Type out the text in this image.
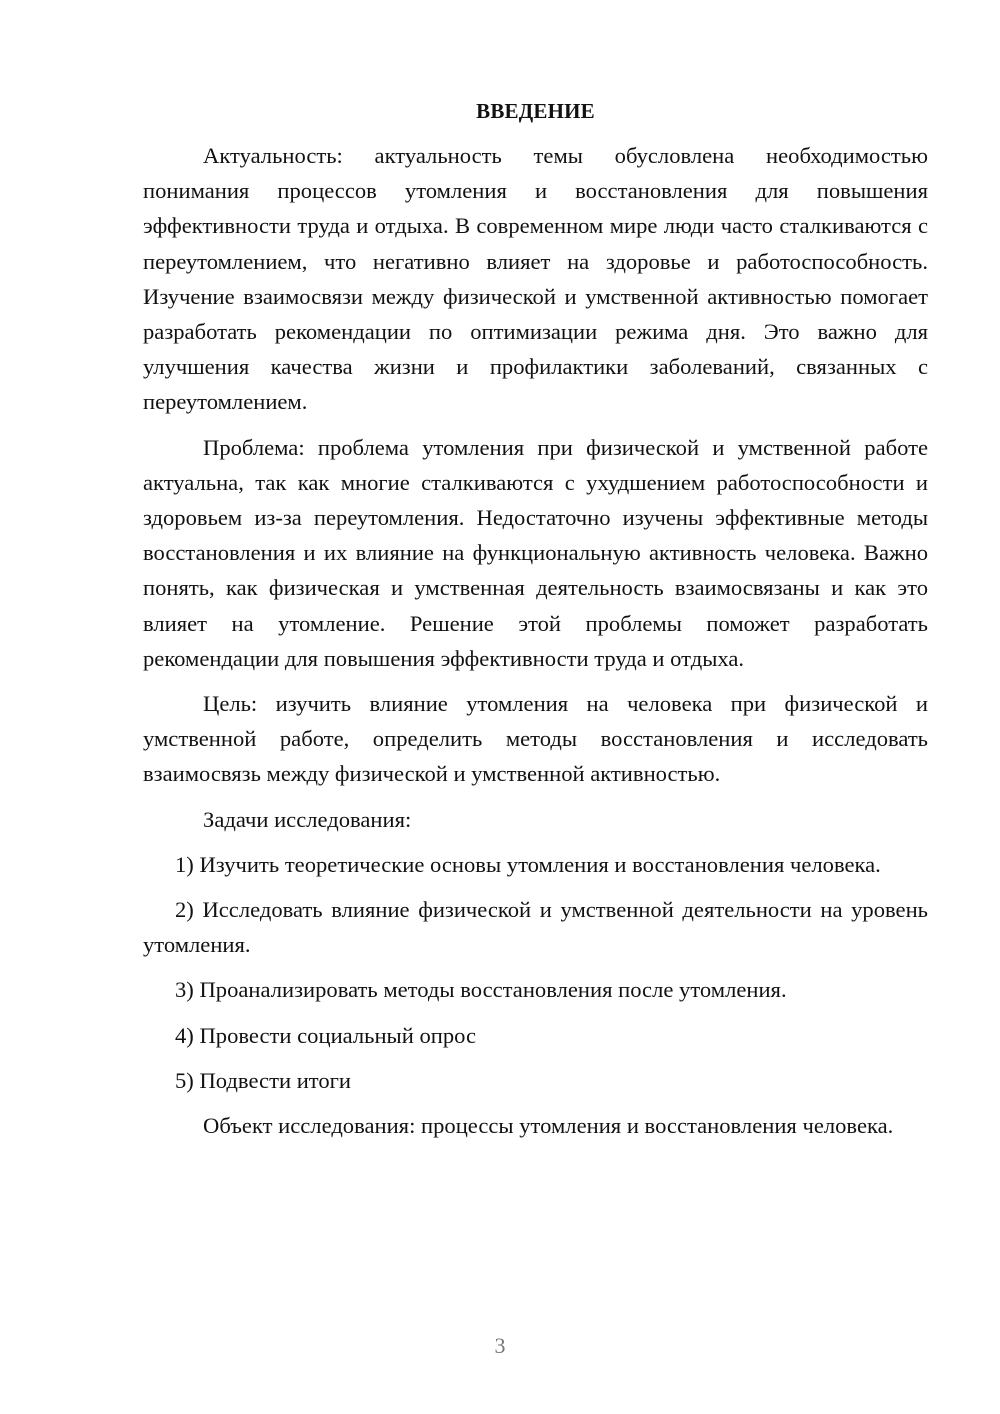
ВВЕДЕНИЕ

Актуальность: актуальность темы обусловлена необходимостью понимания процессов утомления и восстановления для повышения эффективности труда и отдыха. В современном мире люди часто сталкиваются с переутомлением, что негативно влияет на здоровье и работоспособность. Изучение взаимосвязи между физической и умственной активностью помогает разработать рекомендации по оптимизации режима дня. Это важно для улучшения качества жизни и профилактики заболеваний, связанных с переутомлением.

Проблема: проблема утомления при физической и умственной работе актуальна, так как многие сталкиваются с ухудшением работоспособности и здоровьем из-за переутомления. Недостаточно изучены эффективные методы восстановления и их влияние на функциональную активность человека. Важно понять, как физическая и умственная деятельность взаимосвязаны и как это влияет на утомление. Решение этой проблемы поможет разработать рекомендации для повышения эффективности труда и отдыха.

Цель: изучить влияние утомления на человека при физической и умственной работе, определить методы восстановления и исследовать взаимосвязь между физической и умственной активностью.

Задачи исследования:

1) Изучить теоретические основы утомления и восстановления человека.

2) Исследовать влияние физической и умственной деятельности на уровень утомления.

3) Проанализировать методы восстановления после утомления.

4) Провести социальный опрос

5) Подвести итоги

Объект исследования: процессы утомления и восстановления человека.

3
